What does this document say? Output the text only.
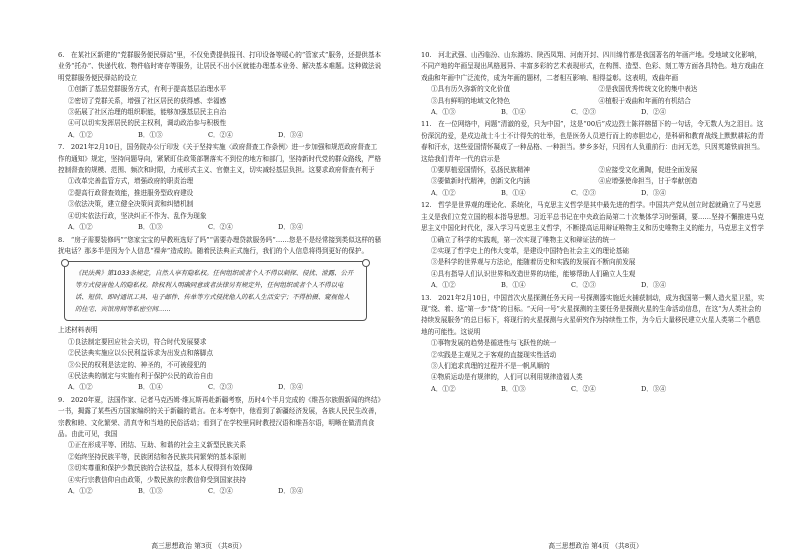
6.　在某社区新建的“党群服务便民驿站”里，不仅免费提供报刊、打印设备等暖心的“管家式”服务，还提供基本业务“托办”、快递代收、物件临时寄存等服务，让居民不出小区就能办理基本业务、解决基本难题。这种做法说明党群服务便民驿站的设立

①创新了基层党群服务方式，有利于提高基层治理水平

②密切了党群关系，增强了社区居民的获得感、幸福感

③拓展了社区治理的组织职能，能够加强基层民主自治

④可以切实发挥居民的民主权利，调动政治参与积极性

A．①②	B．①③	C．②④	D．③④

7.　2021年2月10日，国务院办公厅印发《关于坚持实施〈政府督查工作条例〉进一步加强和规范政府督查工作的通知》规定，坚持问题导向，紧紧盯住政策部署落实不到位的地方和部门，坚持新时代党的群众路线，严格控制督查的规模、范围、频次和时限，力戒形式主义、官僚主义，切实减轻基层负担。这要求政府督查有利于

①改革完善监管方式，增强政府的职责治理

②提高行政督查效能，推进服务型政府建设

③依法决策，建立健全决策问责和纠错机制

④切实依法行政，坚决纠正不作为、乱作为现象

A．①②	B．①③	C．②④	D．③④

8.　“房子需要装修吗”“您家宝宝的早教班选好了吗”“需要办理贷款服务吗”……您是不是经常接到类似这样的骚扰电话？那多半是因为个人信息“裸奔”造成的。随着民法典正式施行，我们的个人信息将得到更好的保护。

《民法典》第1033条规定，自然人享有隐私权。任何组织或者个人不得以刺探、侵扰、泄露、公开等方式侵害他人的隐私权。除权利人明确同意或者法律另有规定外，任何组织或者个人不得以电话、短信、即时通讯工具、电子邮件、传单等方式侵扰他人的私人生活安宁；不得拍摄、窥视他人的住宅、宾馆房间等私密空间……

上述材料表明

①良法制定要回应社会关切，符合时代发展要求

②民法典实施应以公民利益诉求为出发点和落脚点

③公民的权利是法定的、神圣的，不可被侵犯的

④民法典的制定与实施有利于保护公民的政治自由

A．①②	B．①④	C．②③	D．③④

9.　2020年夏，法国作家、记者马克西姆·维瓦斯再赴新疆考察，历时4个半月完成的《维吾尔族假新闻的终结》一书，揭露了某些西方国家编织的关于新疆的谎言。在本考察中，他看到了新疆经济发展，各族人民民生改善，宗教和睦、文化繁荣、清真寺和当地的民俗活动；看到了在学校里同时教授汉语和维吾尔语，明晰在做清真食品。由此可见，我国

①正在形成平等、团结、互助、和谐的社会主义新型民族关系

②始终坚持民族平等，民族团结和各民族共同繁荣的基本原则

③切实尊重和保护少数民族的合法权益，基本人权得到有效保障

④实行宗教信仰自由政策，少数民族的宗教信仰受到国家扶持

A．①②	B．①③	C．②④	D．③④
高三思想政治 第3页 （共8页）

10.　河北武强、山西临汾、山东潍坊、陕西凤翔、河南开封、四川绵竹都是我国著名的年画产地。受地域文化影响，不同产地的年画呈现出风格迥异、丰富多彩的艺术表现形式，在构图、造型、色彩、刻工等方面各具特色。地方戏曲在戏曲和年画中广泛流传，成为年画的题材，二者相互影响、相得益彰。这表明，戏曲年画

①具有历久弥新的文化价值	②是我国优秀传统文化的集中表达
③具有鲜明的地域文化特色	④植根于戏曲和年画的有机结合
A．①③	B．①④	C．②③	D．②④

11.　在一位网络中，问题“清澈的爱，只为中国”，这是“00后”戍边烈士陈祥榕留下的一句话，令无数人为之泪目。这份深沉的爱，是戍边战士斗士不计得失的壮举，也是医务人员逆行而上的赤胆忠心，是科研和教育战线上默默耕耘的青春和汗水，这些爱国情怀凝成了一种品格、一种担当。梦乡多好，只因有人负重前行：由河无恙，只因英雄铁肩担当。这给我们青年一代的启示是

①要厚植爱国情怀，弘扬民族精神	②应接受文化熏陶，促进全面发展
③要做新时代精神，创新文化内涵	④应增强使命担当，甘于奉献创造
A．①②	B．①④	C．②③	D．③④

12.　哲学是世界观的理论化、系统化，马克思主义哲学是其中最先进的哲学。中国共产党从创立时起就确立了马克思主义是我们立党立国的根本指导思想。习近平总书记在中央政治局第二十次集体学习时强调，要……坚持不懈推进马克思主义中国化时代化，深入学习马克思主义哲学，不断提高运用辩证唯物主义和历史唯物主义的能力，马克思主义哲学

①确立了科学的实践观，第一次实现了唯物主义和辩证法的统一

②实现了哲学史上的伟大变革，是建设中国特色社会主义的理论基础

③是科学的世界观与方法论，能随着历史和实践的发展而不断向前发展

④具有指导人们认识世界和改造世界的功能，能够帮助人们确立人生观

A．①②	B．①④	C．②③	D．③④

13.　2021年2月10日，中国首次火星探测任务天问一号探测器实施近火捕获制动，成为我国第一颗人造火星卫星，实现“绕、着、巡”第一步“绕”的目标。“天问一号”火星探测的主要任务是探测火星的生命活动信息，在这“为人类社会的持续发展服务”的总目标下，将现行的火星探测与火星研究作为持续性工作，为今后大量移民建立火星人类第二个栖息地的可能性。这说明

①事物发展的趋势是循进性与飞跃性的统一

②实践是主观见之于客观的直接现实性活动

③人们追求真理的过程并不是一帆风顺的

④物质运动是有规律的，人们可以利用规律造福人类

A．①②	B．①③	C．②④	D．③④
高三思想政治 第4页 （共8页）
